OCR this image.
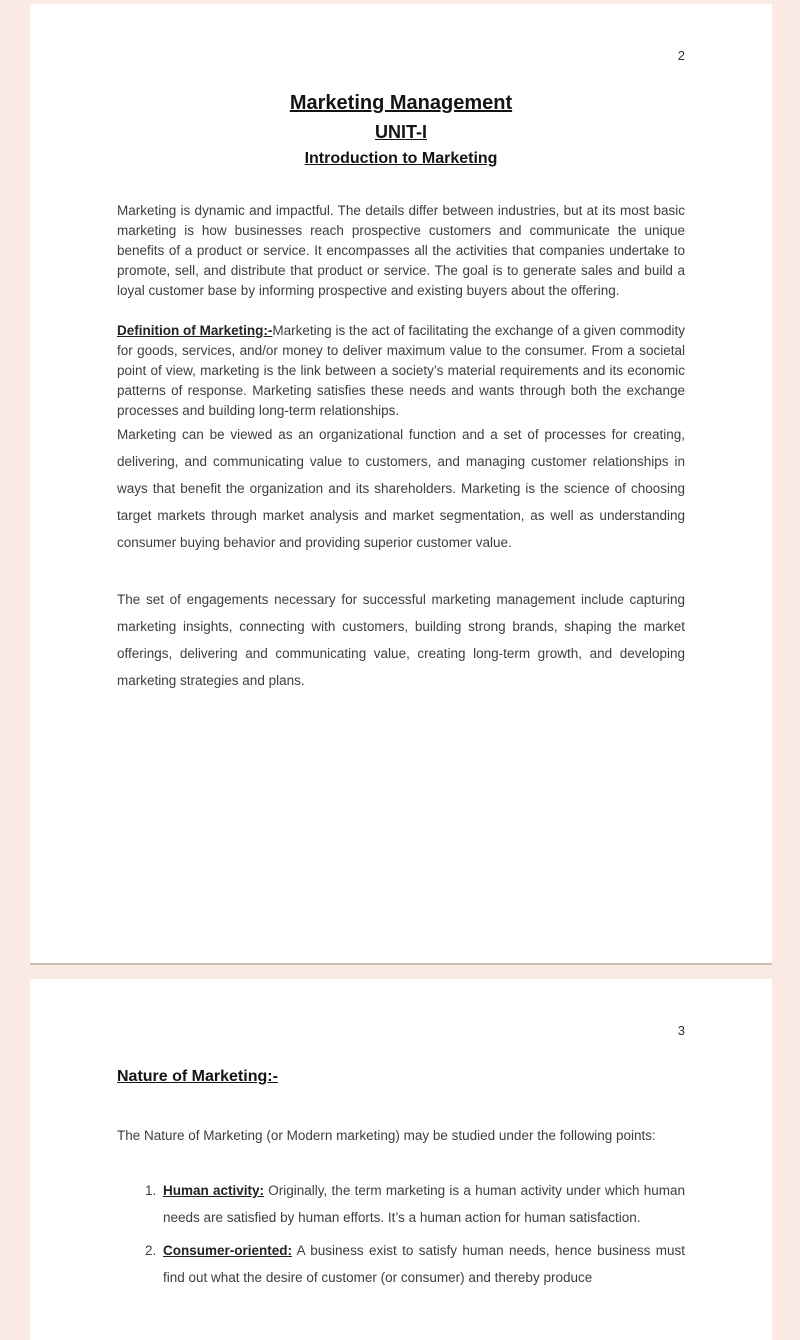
2
Marketing Management
UNIT-I
Introduction to Marketing

Marketing is dynamic and impactful. The details differ between industries, but at its most basic marketing is how businesses reach prospective customers and communicate the unique benefits of a product or service. It encompasses all the activities that companies undertake to promote, sell, and distribute that product or service. The goal is to generate sales and build a loyal customer base by informing prospective and existing buyers about the offering.

Definition of Marketing:-Marketing is the act of facilitating the exchange of a given commodity for goods, services, and/or money to deliver maximum value to the consumer. From a societal point of view, marketing is the link between a society’s material requirements and its economic patterns of response. Marketing satisfies these needs and wants through both the exchange processes and building long-term relationships.

Marketing can be viewed as an organizational function and a set of processes for creating, delivering, and communicating value to customers, and managing customer relationships in ways that benefit the organization and its shareholders. Marketing is the science of choosing target markets through market analysis and market segmentation, as well as understanding consumer buying behavior and providing superior customer value.

The set of engagements necessary for successful marketing management include capturing marketing insights, connecting with customers, building strong brands, shaping the market offerings, delivering and communicating value, creating long-term growth, and developing marketing strategies and plans.

3
Nature of Marketing:-

The Nature of Marketing (or Modern marketing) may be studied under the following points:

1. Human activity: Originally, the term marketing is a human activity under which human needs are satisfied by human efforts. It’s a human action for human satisfaction.
2. Consumer-oriented: A business exist to satisfy human needs, hence business must find out what the desire of customer (or consumer) and thereby produce
